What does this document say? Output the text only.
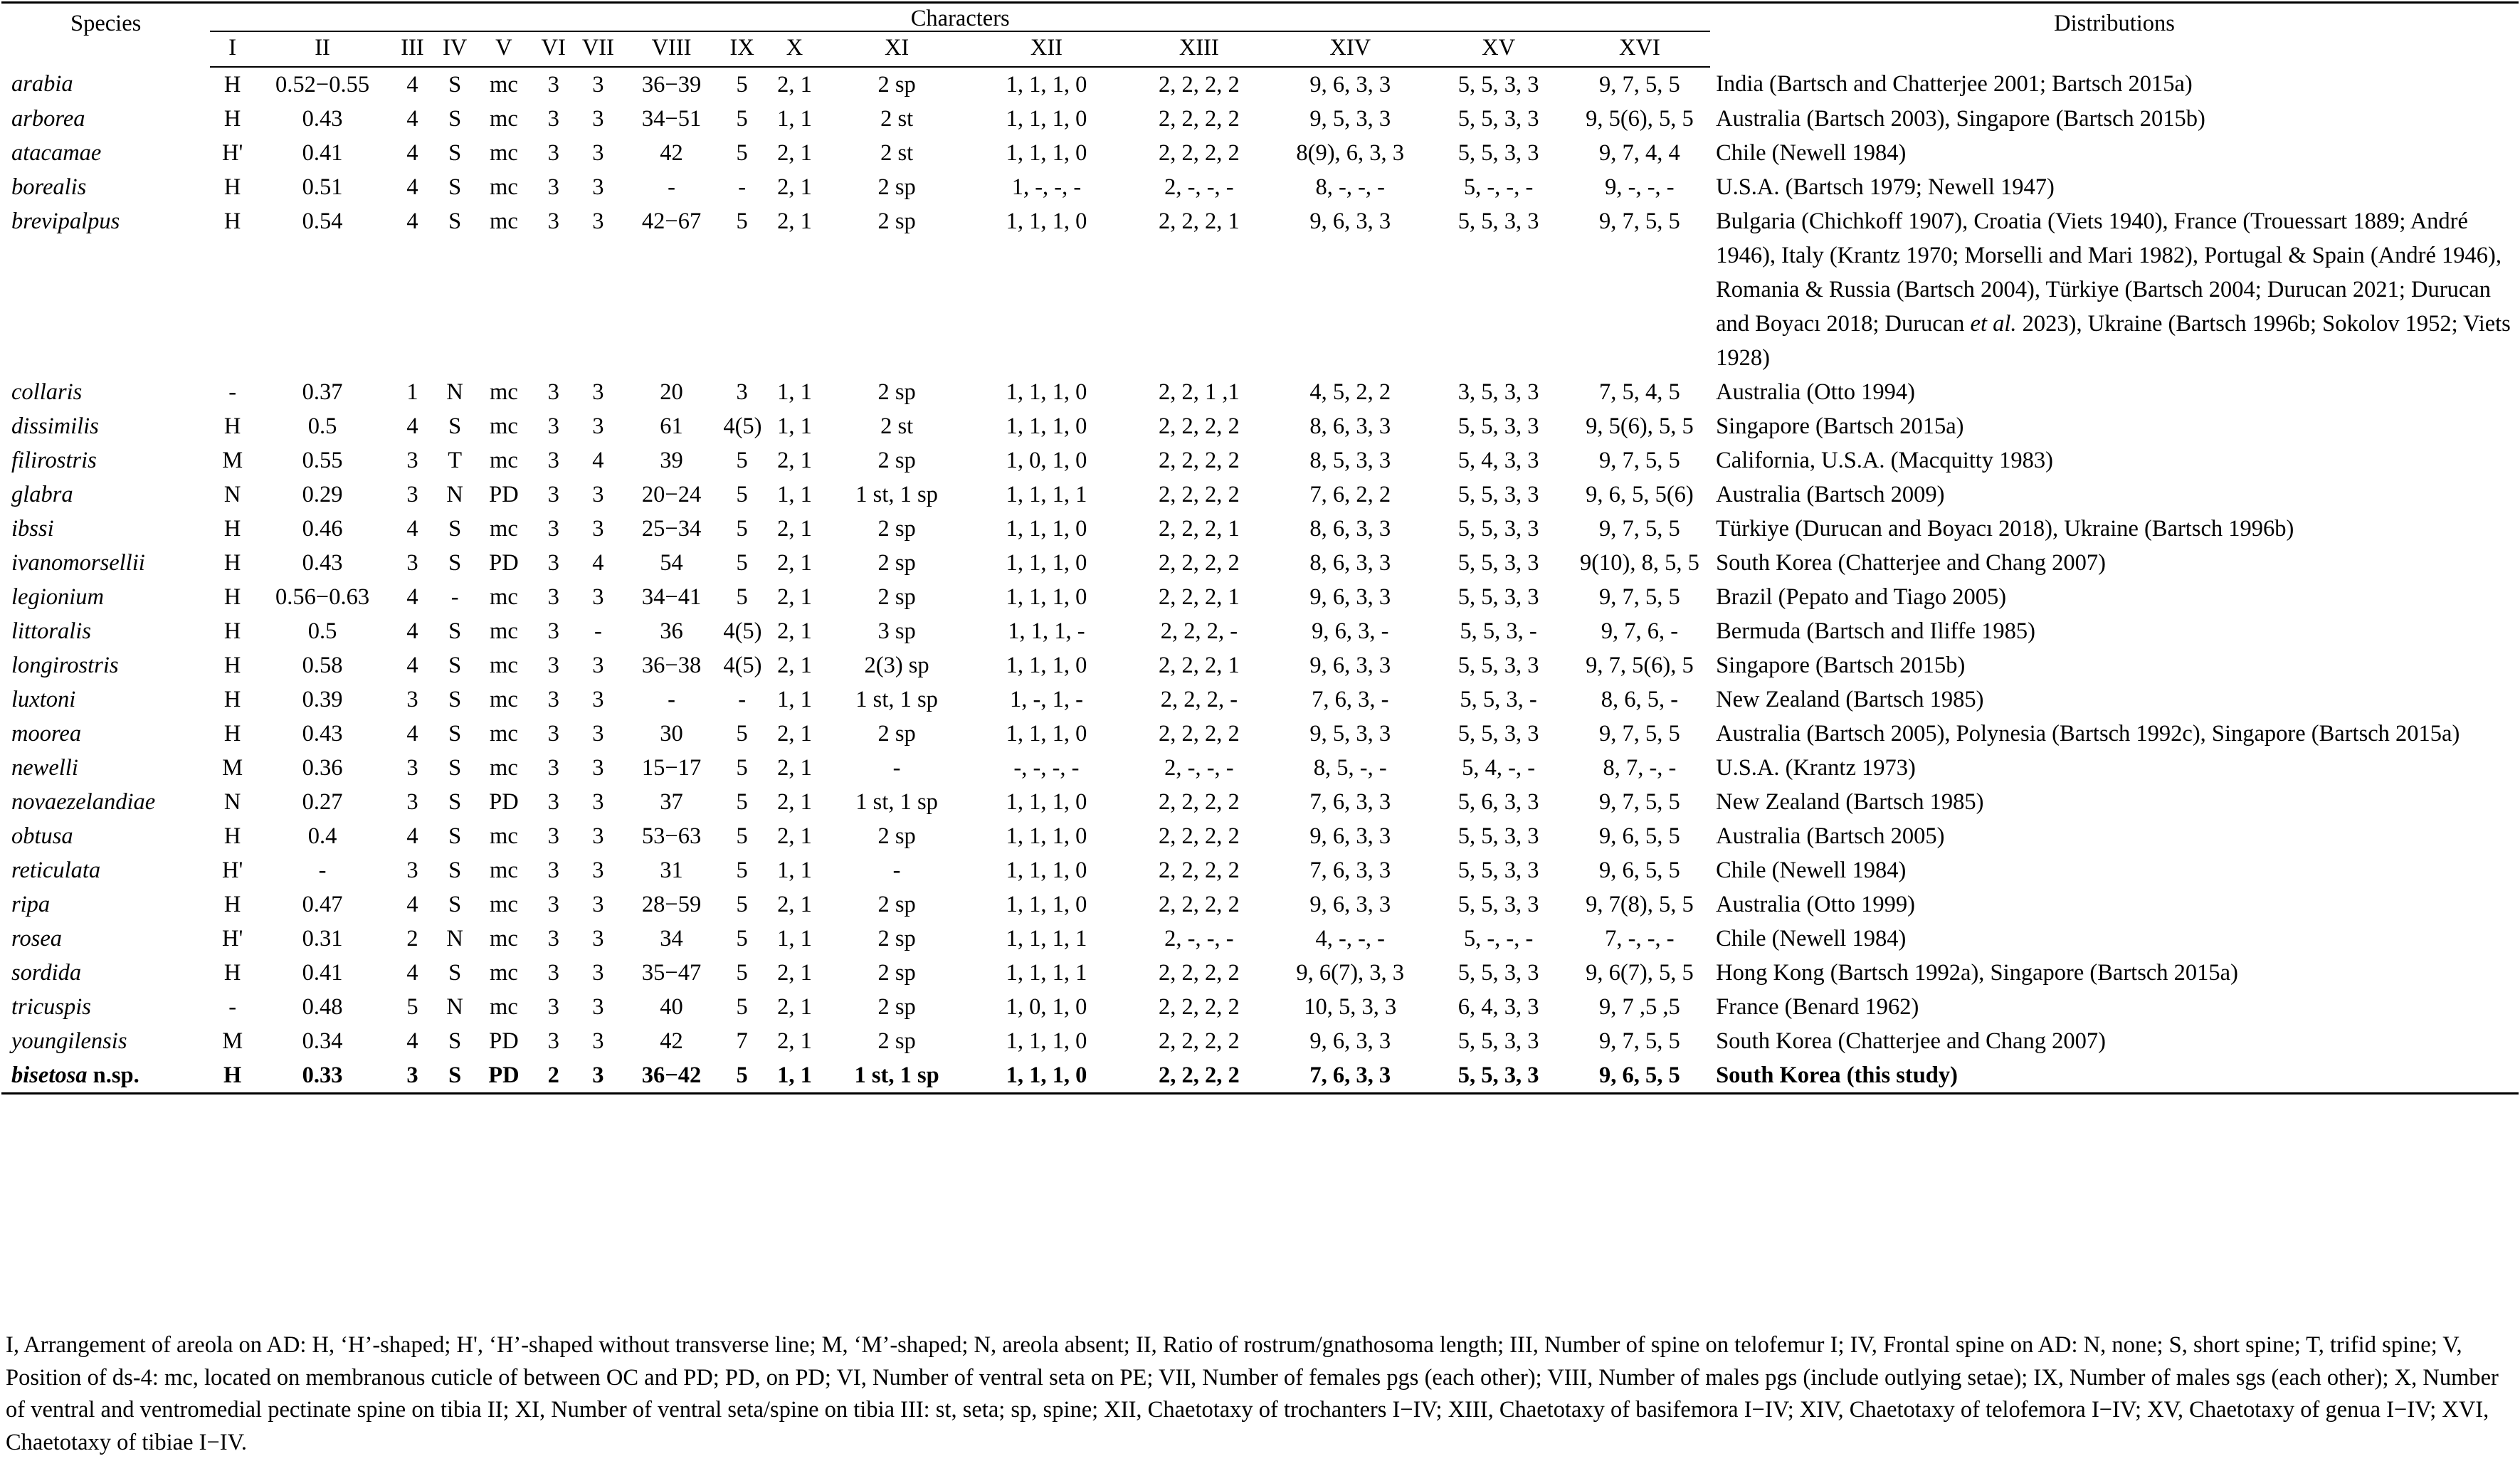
Species	Characters																Distributions
	I	II	III	IV	V	VI	VII	VIII	IX	X	XI	XII	XIII	XIV	XV	XVI	
arabia	H	0.52−0.55	4	S	mc	3	3	36−39	5	2, 1	2 sp	1, 1, 1, 0	2, 2, 2, 2	9, 6, 3, 3	5, 5, 3, 3	9, 7, 5, 5	India (Bartsch and Chatterjee 2001; Bartsch 2015a)
arborea	H	0.43	4	S	mc	3	3	34−51	5	1, 1	2 st	1, 1, 1, 0	2, 2, 2, 2	9, 5, 3, 3	5, 5, 3, 3	9, 5(6), 5, 5	Australia (Bartsch 2003), Singapore (Bartsch 2015b)
atacamae	H'	0.41	4	S	mc	3	3	42	5	2, 1	2 st	1, 1, 1, 0	2, 2, 2, 2	8(9), 6, 3, 3	5, 5, 3, 3	9, 7, 4, 4	Chile (Newell 1984)
borealis	H	0.51	4	S	mc	3	3	-	-	2, 1	2 sp	1, -, -, -	2, -, -, -	8, -, -, -	5, -, -, -	9, -, -, -	U.S.A. (Bartsch 1979; Newell 1947)
brevipalpus	H	0.54	4	S	mc	3	3	42−67	5	2, 1	2 sp	1, 1, 1, 0	2, 2, 2, 1	9, 6, 3, 3	5, 5, 3, 3	9, 7, 5, 5	Bulgaria (Chichkoff 1907), Croatia (Viets 1940), France (Trouessart 1889; André 1946), Italy (Krantz 1970; Morselli and Mari 1982), Portugal & Spain (André 1946), Romania & Russia (Bartsch 2004), Türkiye (Bartsch 2004; Durucan 2021; Durucan and Boyacı 2018; Durucan et al. 2023), Ukraine (Bartsch 1996b; Sokolov 1952; Viets 1928)
collaris	-	0.37	1	N	mc	3	3	20	3	1, 1	2 sp	1, 1, 1, 0	2, 2, 1 ,1	4, 5, 2, 2	3, 5, 3, 3	7, 5, 4, 5	Australia (Otto 1994)
dissimilis	H	0.5	4	S	mc	3	3	61	4(5)	1, 1	2 st	1, 1, 1, 0	2, 2, 2, 2	8, 6, 3, 3	5, 5, 3, 3	9, 5(6), 5, 5	Singapore (Bartsch 2015a)
filirostris	M	0.55	3	T	mc	3	4	39	5	2, 1	2 sp	1, 0, 1, 0	2, 2, 2, 2	8, 5, 3, 3	5, 4, 3, 3	9, 7, 5, 5	California, U.S.A. (Macquitty 1983)
glabra	N	0.29	3	N	PD	3	3	20−24	5	1, 1	1 st, 1 sp	1, 1, 1, 1	2, 2, 2, 2	7, 6, 2, 2	5, 5, 3, 3	9, 6, 5, 5(6)	Australia (Bartsch 2009)
ibssi	H	0.46	4	S	mc	3	3	25−34	5	2, 1	2 sp	1, 1, 1, 0	2, 2, 2, 1	8, 6, 3, 3	5, 5, 3, 3	9, 7, 5, 5	Türkiye (Durucan and Boyacı 2018), Ukraine (Bartsch 1996b)
ivanomorsellii	H	0.43	3	S	PD	3	4	54	5	2, 1	2 sp	1, 1, 1, 0	2, 2, 2, 2	8, 6, 3, 3	5, 5, 3, 3	9(10), 8, 5, 5	South Korea (Chatterjee and Chang 2007)
legionium	H	0.56−0.63	4	-	mc	3	3	34−41	5	2, 1	2 sp	1, 1, 1, 0	2, 2, 2, 1	9, 6, 3, 3	5, 5, 3, 3	9, 7, 5, 5	Brazil (Pepato and Tiago 2005)
littoralis	H	0.5	4	S	mc	3	-	36	4(5)	2, 1	3 sp	1, 1, 1, -	2, 2, 2, -	9, 6, 3, -	5, 5, 3, -	9, 7, 6, -	Bermuda (Bartsch and Iliffe 1985)
longirostris	H	0.58	4	S	mc	3	3	36−38	4(5)	2, 1	2(3) sp	1, 1, 1, 0	2, 2, 2, 1	9, 6, 3, 3	5, 5, 3, 3	9, 7, 5(6), 5	Singapore (Bartsch 2015b)
luxtoni	H	0.39	3	S	mc	3	3	-	-	1, 1	1 st, 1 sp	1, -, 1, -	2, 2, 2, -	7, 6, 3, -	5, 5, 3, -	8, 6, 5, -	New Zealand (Bartsch 1985)
moorea	H	0.43	4	S	mc	3	3	30	5	2, 1	2 sp	1, 1, 1, 0	2, 2, 2, 2	9, 5, 3, 3	5, 5, 3, 3	9, 7, 5, 5	Australia (Bartsch 2005), Polynesia (Bartsch 1992c), Singapore (Bartsch 2015a)
newelli	M	0.36	3	S	mc	3	3	15−17	5	2, 1	-	-, -, -, -	2, -, -, -	8, 5, -, -	5, 4, -, -	8, 7, -, -	U.S.A. (Krantz 1973)
novaezelandiae	N	0.27	3	S	PD	3	3	37	5	2, 1	1 st, 1 sp	1, 1, 1, 0	2, 2, 2, 2	7, 6, 3, 3	5, 6, 3, 3	9, 7, 5, 5	New Zealand (Bartsch 1985)
obtusa	H	0.4	4	S	mc	3	3	53−63	5	2, 1	2 sp	1, 1, 1, 0	2, 2, 2, 2	9, 6, 3, 3	5, 5, 3, 3	9, 6, 5, 5	Australia (Bartsch 2005)
reticulata	H'	-	3	S	mc	3	3	31	5	1, 1	-	1, 1, 1, 0	2, 2, 2, 2	7, 6, 3, 3	5, 5, 3, 3	9, 6, 5, 5	Chile (Newell 1984)
ripa	H	0.47	4	S	mc	3	3	28−59	5	2, 1	2 sp	1, 1, 1, 0	2, 2, 2, 2	9, 6, 3, 3	5, 5, 3, 3	9, 7(8), 5, 5	Australia (Otto 1999)
rosea	H'	0.31	2	N	mc	3	3	34	5	1, 1	2 sp	1, 1, 1, 1	2, -, -, -	4, -, -, -	5, -, -, -	7, -, -, -	Chile (Newell 1984)
sordida	H	0.41	4	S	mc	3	3	35−47	5	2, 1	2 sp	1, 1, 1, 1	2, 2, 2, 2	9, 6(7), 3, 3	5, 5, 3, 3	9, 6(7), 5, 5	Hong Kong (Bartsch 1992a), Singapore (Bartsch 2015a)
tricuspis	-	0.48	5	N	mc	3	3	40	5	2, 1	2 sp	1, 0, 1, 0	2, 2, 2, 2	10, 5, 3, 3	6, 4, 3, 3	9, 7 ,5 ,5	France (Benard 1962)
youngilensis	M	0.34	4	S	PD	3	3	42	7	2, 1	2 sp	1, 1, 1, 0	2, 2, 2, 2	9, 6, 3, 3	5, 5, 3, 3	9, 7, 5, 5	South Korea (Chatterjee and Chang 2007)
bisetosa n.sp.	H	0.33	3	S	PD	2	3	36−42	5	1, 1	1 st, 1 sp	1, 1, 1, 0	2, 2, 2, 2	7, 6, 3, 3	5, 5, 3, 3	9, 6, 5, 5	South Korea (this study)
I, Arrangement of areola on AD: H, ‘H’-shaped; H', ‘H’-shaped without transverse line; M, ‘M’-shaped; N, areola absent; II, Ratio of rostrum/gnathosoma length; III, Number of spine on telofemur I; IV, Frontal spine on AD: N, none; S, short spine; T, trifid spine; V, Position of ds-4: mc, located on membranous cuticle of between OC and PD; PD, on PD; VI, Number of ventral seta on PE; VII, Number of females pgs (each other); VIII, Number of males pgs (include outlying setae); IX, Number of males sgs (each other); X, Number of ventral and ventromedial pectinate spine on tibia II; XI, Number of ventral seta/spine on tibia III: st, seta; sp, spine; XII, Chaetotaxy of trochanters I−IV; XIII, Chaetotaxy of basifemora I−IV; XIV, Chaetotaxy of telofemora I−IV; XV, Chaetotaxy of genua I−IV; XVI, Chaetotaxy of tibiae I−IV.
